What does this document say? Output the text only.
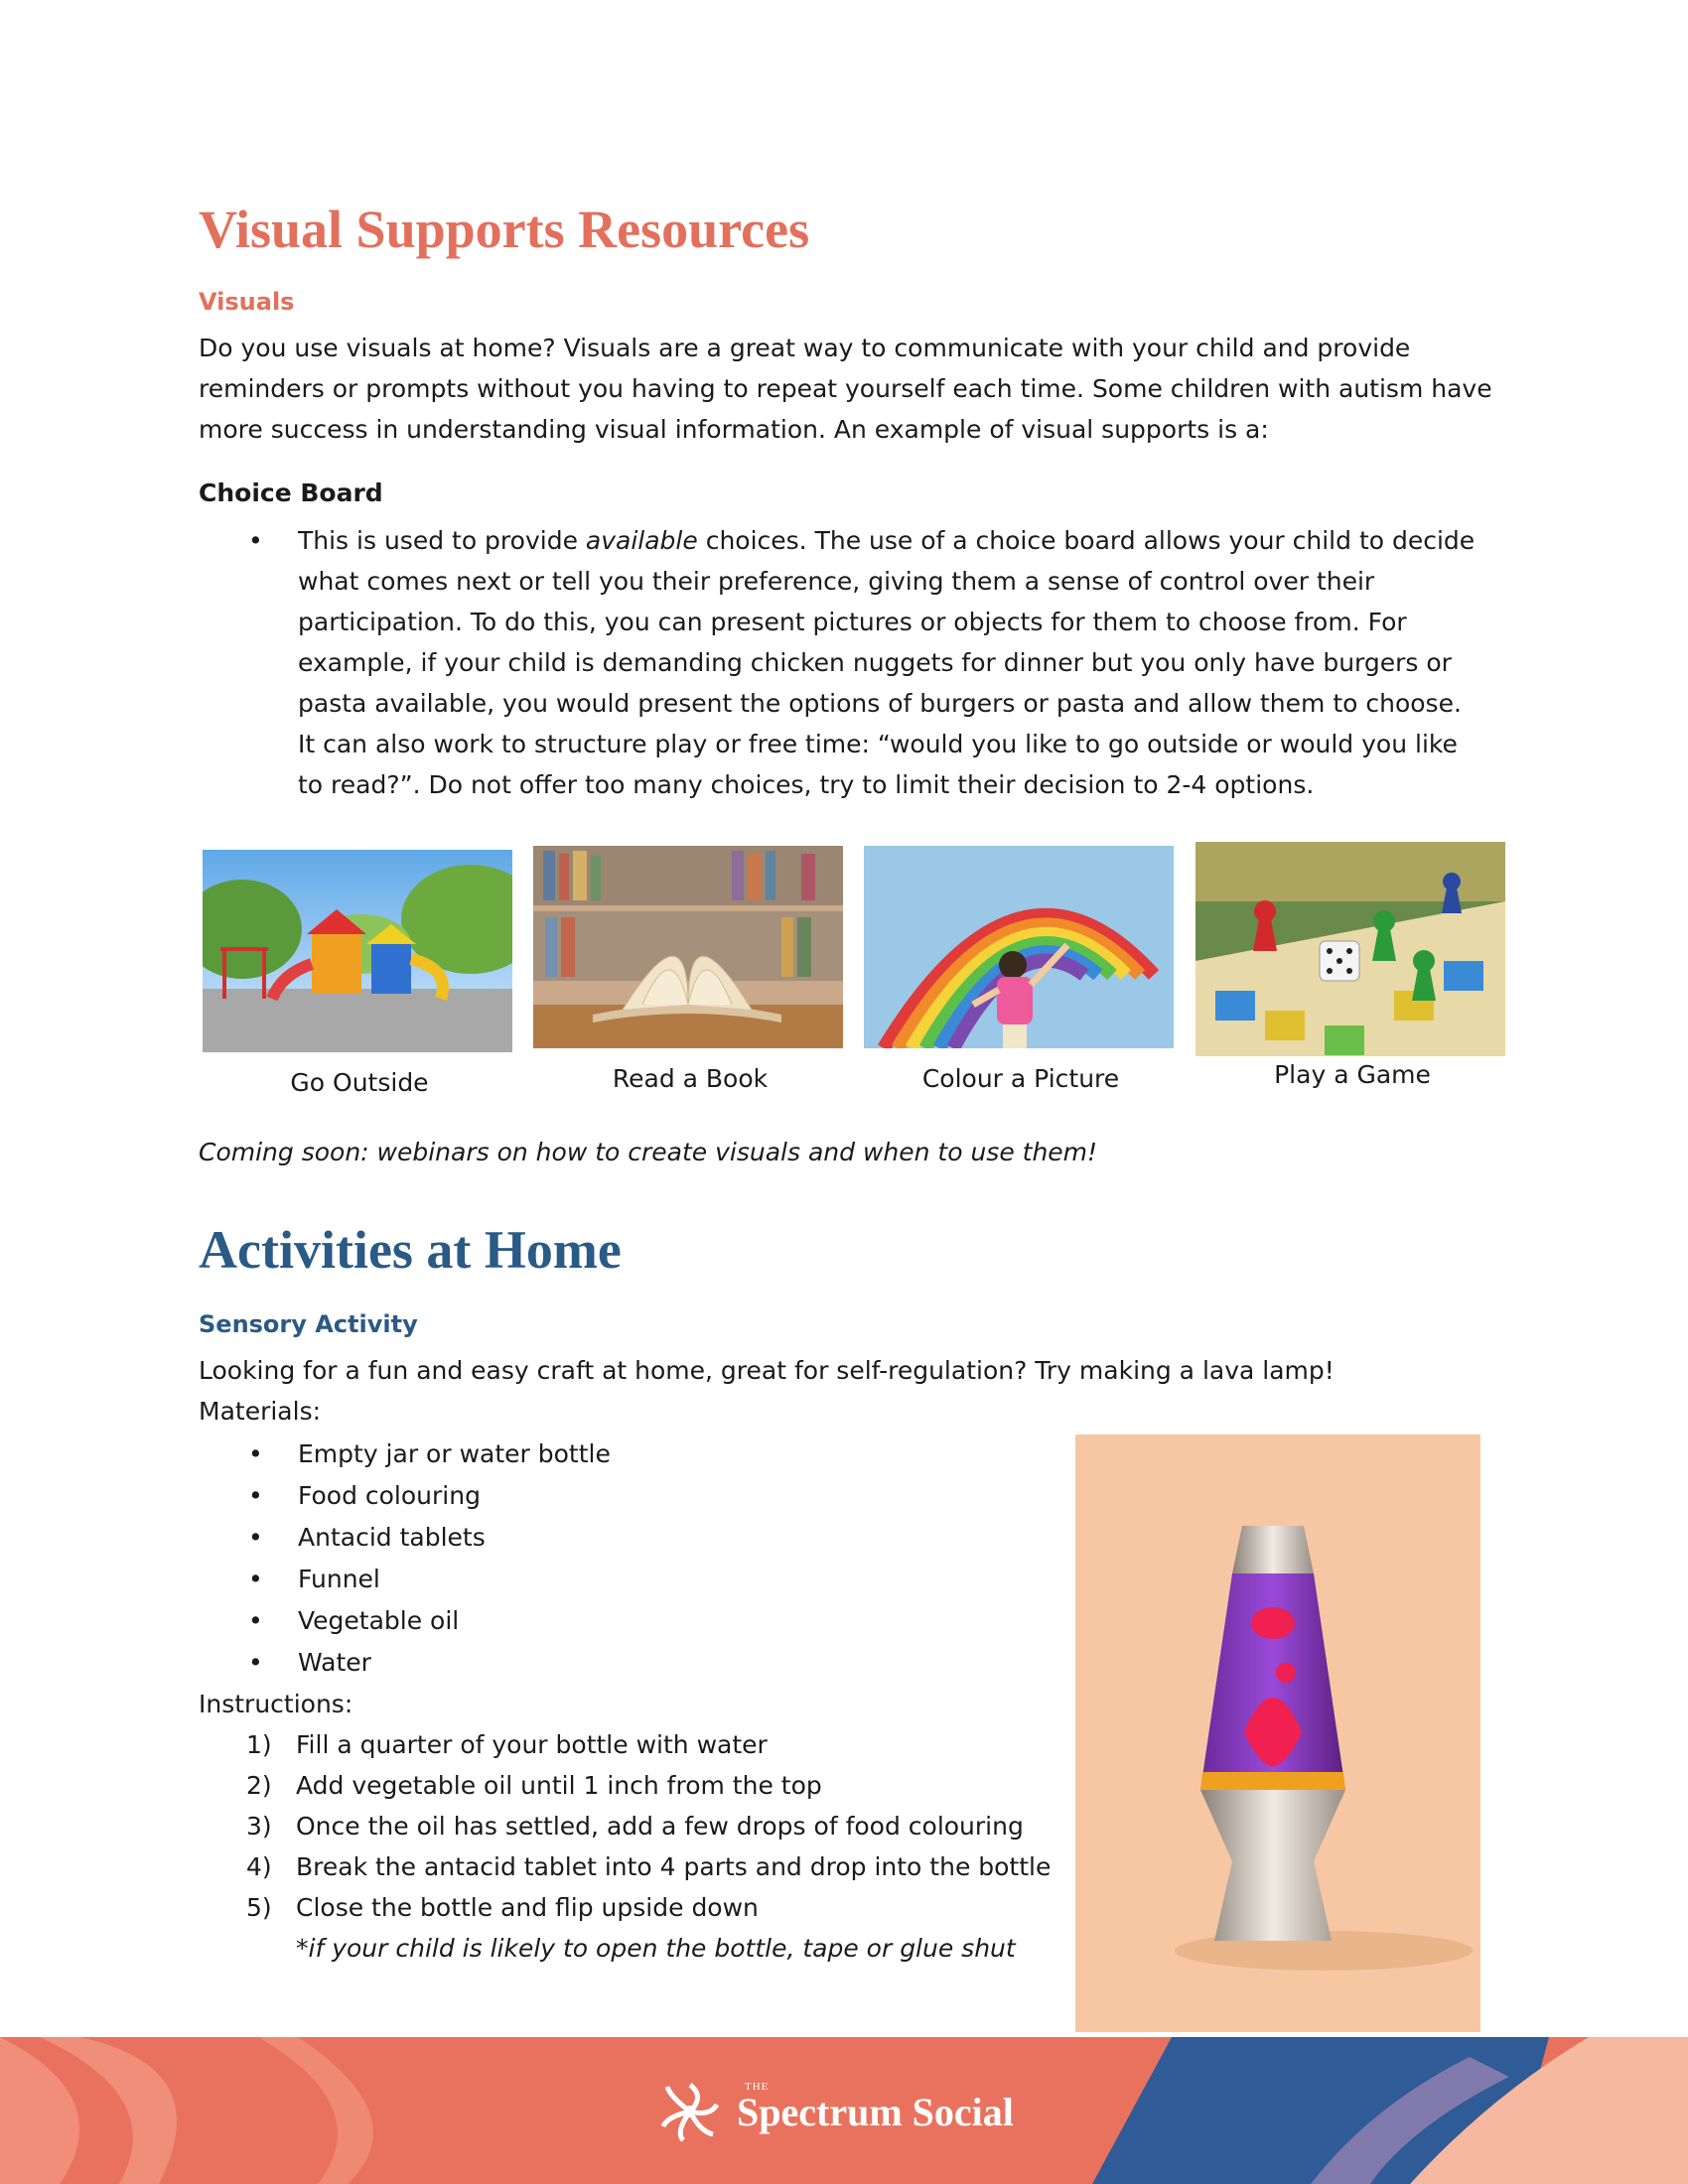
Visual Supports Resources
Visuals

Do you use visuals at home? Visuals are a great way to communicate with your child and provide reminders or prompts without you having to repeat yourself each time. Some children with autism have more success in understanding visual information. An example of visual supports is a:

Choice Board
• This is used to provide available choices. The use of a choice board allows your child to decide what comes next or tell you their preference, giving them a sense of control over their participation. To do this, you can present pictures or objects for them to choose from. For example, if your child is demanding chicken nuggets for dinner but you only have burgers or pasta available, you would present the options of burgers or pasta and allow them to choose. It can also work to structure play or free time: “would you like to go outside or would you like to read?”. Do not offer too many choices, try to limit their decision to 2-4 options.
Go Outside	Read a Book	Colour a Picture	Play a Game
Coming soon: webinars on how to create visuals and when to use them!
Activities at Home
Sensory Activity

Looking for a fun and easy craft at home, great for self-regulation? Try making a lava lamp!

Materials:

• Empty jar or water bottle
• Food colouring
• Antacid tablets
• Funnel
• Vegetable oil
• Water

Instructions:

1) Fill a quarter of your bottle with water
2) Add vegetable oil until 1 inch from the top
3) Once the oil has settled, add a few drops of food colouring
4) Break the antacid tablet into 4 parts and drop into the bottle
5) Close the bottle and flip upside down
*if your child is likely to open the bottle, tape or glue shut
THE
Spectrum Social
